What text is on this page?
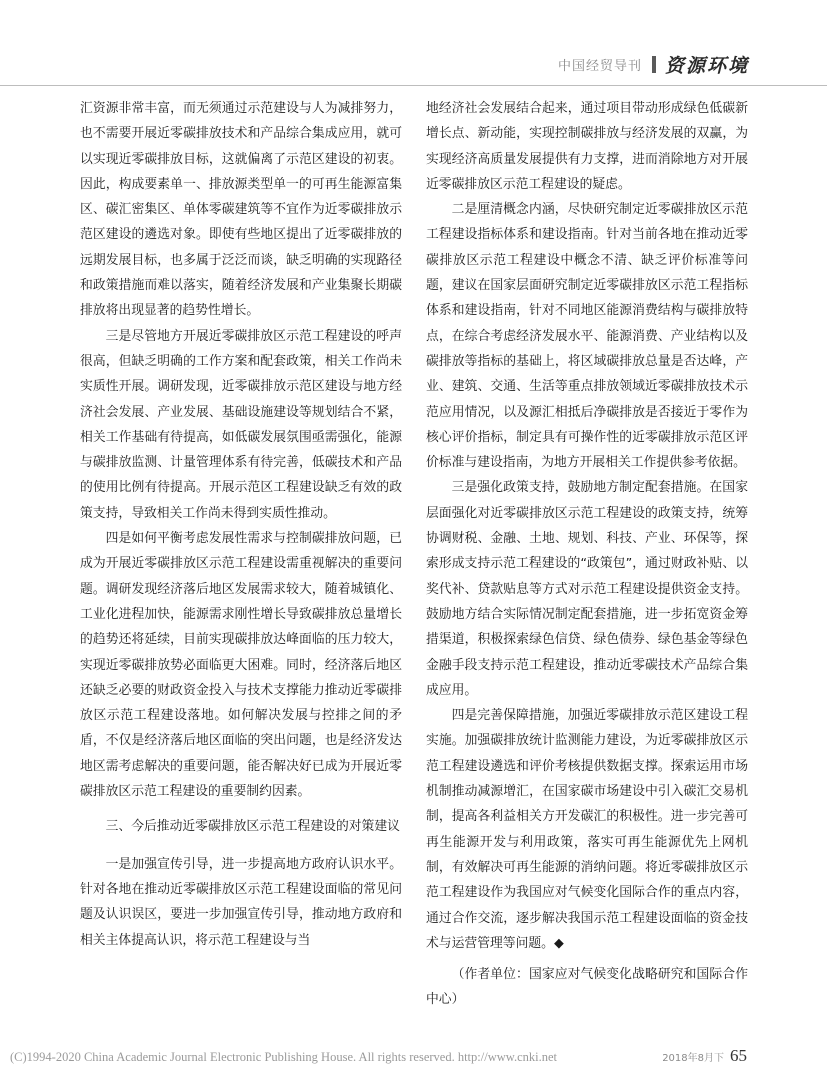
中国经贸导刊 资源环境

汇资源非常丰富，而无须通过示范建设与人为减排努力，也不需要开展近零碳排放技术和产品综合集成应用，就可以实现近零碳排放目标，这就偏离了示范区建设的初衷。因此，构成要素单一、排放源类型单一的可再生能源富集区、碳汇密集区、单体零碳建筑等不宜作为近零碳排放示范区建设的遴选对象。即使有些地区提出了近零碳排放的远期发展目标，也多属于泛泛而谈，缺乏明确的实现路径和政策措施而难以落实，随着经济发展和产业集聚长期碳排放将出现显著的趋势性增长。

三是尽管地方开展近零碳排放区示范工程建设的呼声很高，但缺乏明确的工作方案和配套政策，相关工作尚未实质性开展。调研发现，近零碳排放示范区建设与地方经济社会发展、产业发展、基础设施建设等规划结合不紧，相关工作基础有待提高，如低碳发展氛围亟需强化，能源与碳排放监测、计量管理体系有待完善，低碳技术和产品的使用比例有待提高。开展示范区工程建设缺乏有效的政策支持，导致相关工作尚未得到实质性推动。

四是如何平衡考虑发展性需求与控制碳排放问题，已成为开展近零碳排放区示范工程建设需重视解决的重要问题。调研发现经济落后地区发展需求较大，随着城镇化、工业化进程加快，能源需求刚性增长导致碳排放总量增长的趋势还将延续，目前实现碳排放达峰面临的压力较大，实现近零碳排放势必面临更大困难。同时，经济落后地区还缺乏必要的财政资金投入与技术支撑能力推动近零碳排放区示范工程建设落地。如何解决发展与控排之间的矛盾，不仅是经济落后地区面临的突出问题，也是经济发达地区需考虑解决的重要问题，能否解决好已成为开展近零碳排放区示范工程建设的重要制约因素。

三、今后推动近零碳排放区示范工程建设的对策建议

一是加强宣传引导，进一步提高地方政府认识水平。针对各地在推动近零碳排放区示范工程建设面临的常见问题及认识误区，要进一步加强宣传引导，推动地方政府和相关主体提高认识，将示范工程建设与当

地经济社会发展结合起来，通过项目带动形成绿色低碳新增长点、新动能，实现控制碳排放与经济发展的双赢，为实现经济高质量发展提供有力支撑，进而消除地方对开展近零碳排放区示范工程建设的疑虑。

二是厘清概念内涵，尽快研究制定近零碳排放区示范工程建设指标体系和建设指南。针对当前各地在推动近零碳排放区示范工程建设中概念不清、缺乏评价标准等问题，建议在国家层面研究制定近零碳排放区示范工程指标体系和建设指南，针对不同地区能源消费结构与碳排放特点，在综合考虑经济发展水平、能源消费、产业结构以及碳排放等指标的基础上，将区域碳排放总量是否达峰，产业、建筑、交通、生活等重点排放领域近零碳排放技术示范应用情况，以及源汇相抵后净碳排放是否接近于零作为核心评价指标，制定具有可操作性的近零碳排放示范区评价标准与建设指南，为地方开展相关工作提供参考依据。

三是强化政策支持，鼓励地方制定配套措施。在国家层面强化对近零碳排放区示范工程建设的政策支持，统筹协调财税、金融、土地、规划、科技、产业、环保等，探索形成支持示范工程建设的“政策包”，通过财政补贴、以奖代补、贷款贴息等方式对示范工程建设提供资金支持。鼓励地方结合实际情况制定配套措施，进一步拓宽资金筹措渠道，积极探索绿色信贷、绿色债券、绿色基金等绿色金融手段支持示范工程建设，推动近零碳技术产品综合集成应用。

四是完善保障措施，加强近零碳排放示范区建设工程实施。加强碳排放统计监测能力建设，为近零碳排放区示范工程建设遴选和评价考核提供数据支撑。探索运用市场机制推动减源增汇，在国家碳市场建设中引入碳汇交易机制，提高各利益相关方开发碳汇的积极性。进一步完善可再生能源开发与利用政策，落实可再生能源优先上网机制，有效解决可再生能源的消纳问题。将近零碳排放区示范工程建设作为我国应对气候变化国际合作的重点内容，通过合作交流，逐步解决我国示范工程建设面临的资金技术与运营管理等问题。◆

（作者单位：国家应对气候变化战略研究和国际合作中心）

(C)1994-2020 China Academic Journal Electronic Publishing House. All rights reserved. http://www.cnki.net	2018年8月下 65
